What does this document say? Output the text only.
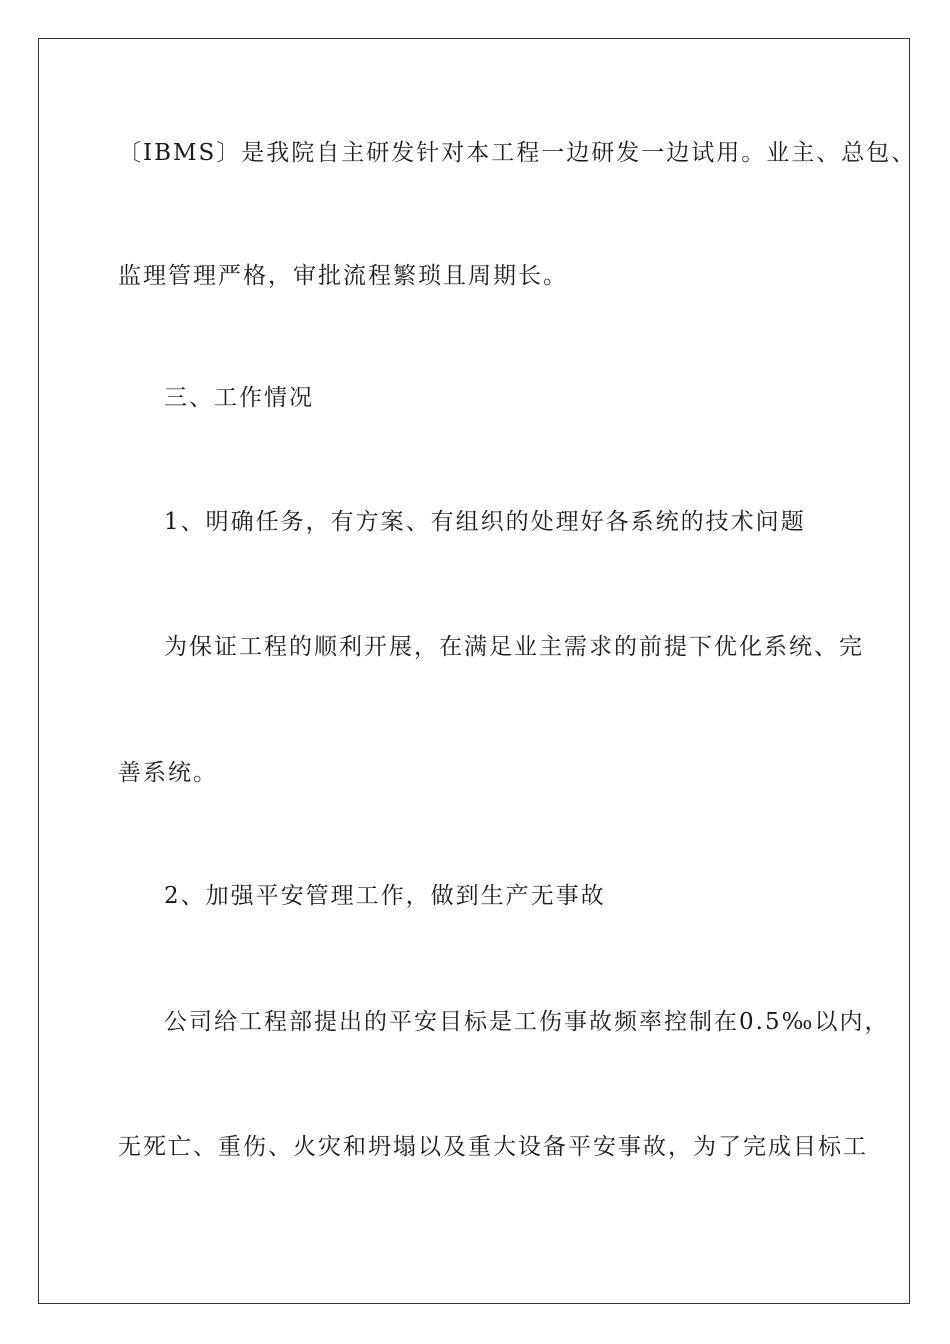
〔IBMS〕是我院自主研发针对本工程一边研发一边试用。业主、总包、
监理管理严格，审批流程繁琐且周期长。
三、工作情况
1、明确任务，有方案、有组织的处理好各系统的技术问题
为保证工程的顺利开展，在满足业主需求的前提下优化系统、完
善系统。
2、加强平安管理工作，做到生产无事故
公司给工程部提出的平安目标是工伤事故频率控制在0.5‰以内，
无死亡、重伤、火灾和坍塌以及重大设备平安事故，为了完成目标工
